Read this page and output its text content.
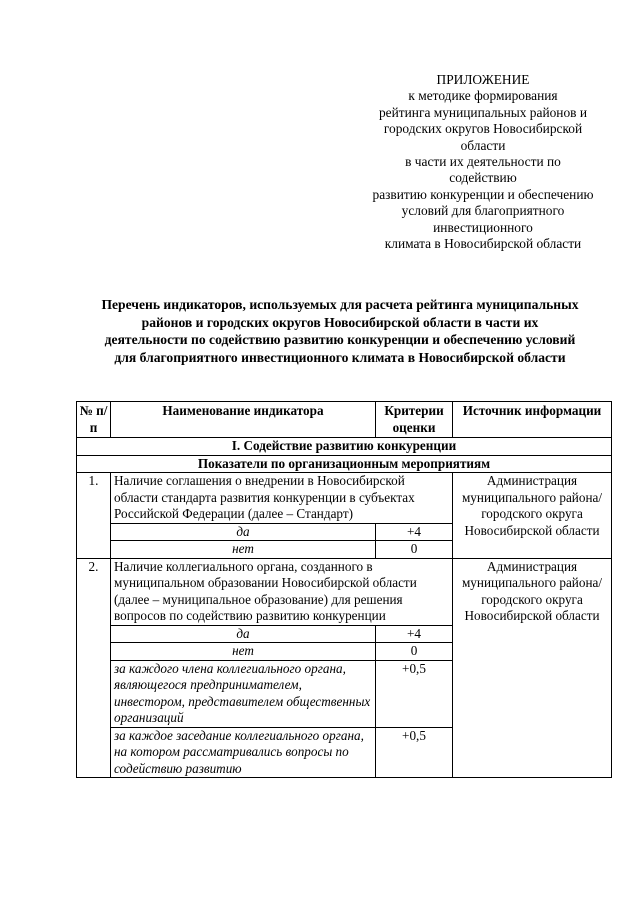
ПРИЛОЖЕНИЕ
к методике формирования
рейтинга муниципальных районов и
городских округов Новосибирской
области
в части их деятельности по
содействию
развитию конкуренции и обеспечению
условий для благоприятного
инвестиционного
климата в Новосибирской области
Перечень индикаторов, используемых для расчета рейтинга муниципальных
районов и городских округов Новосибирской области в части их
деятельности по содействию развитию конкуренции и обеспечению условий
для благоприятного инвестиционного климата в Новосибирской области
№ п/п	Наименование индикатора	Критерии оценки	Источник информации
I. Содействие развитию конкуренции			
Показатели по организационным мероприятиям			
1.	Наличие соглашения о внедрении в Новосибирской области стандарта развития конкуренции в субъектах Российской Федерации (далее – Стандарт)		Администрация муниципального района/городского округа Новосибирской области
	да	+4	
	нет	0	
2.	Наличие коллегиального органа, созданного в муниципальном образовании Новосибирской области (далее – муниципальное образование) для решения вопросов по содействию развитию конкуренции		Администрация муниципального района/городского округа Новосибирской области
	да	+4	
	нет	0	
	за каждого члена коллегиального органа, являющегося предпринимателем, инвестором, представителем общественных организаций	+0,5	
	за каждое заседание коллегиального органа, на котором рассматривались вопросы по содействию развитию	+0,5	
